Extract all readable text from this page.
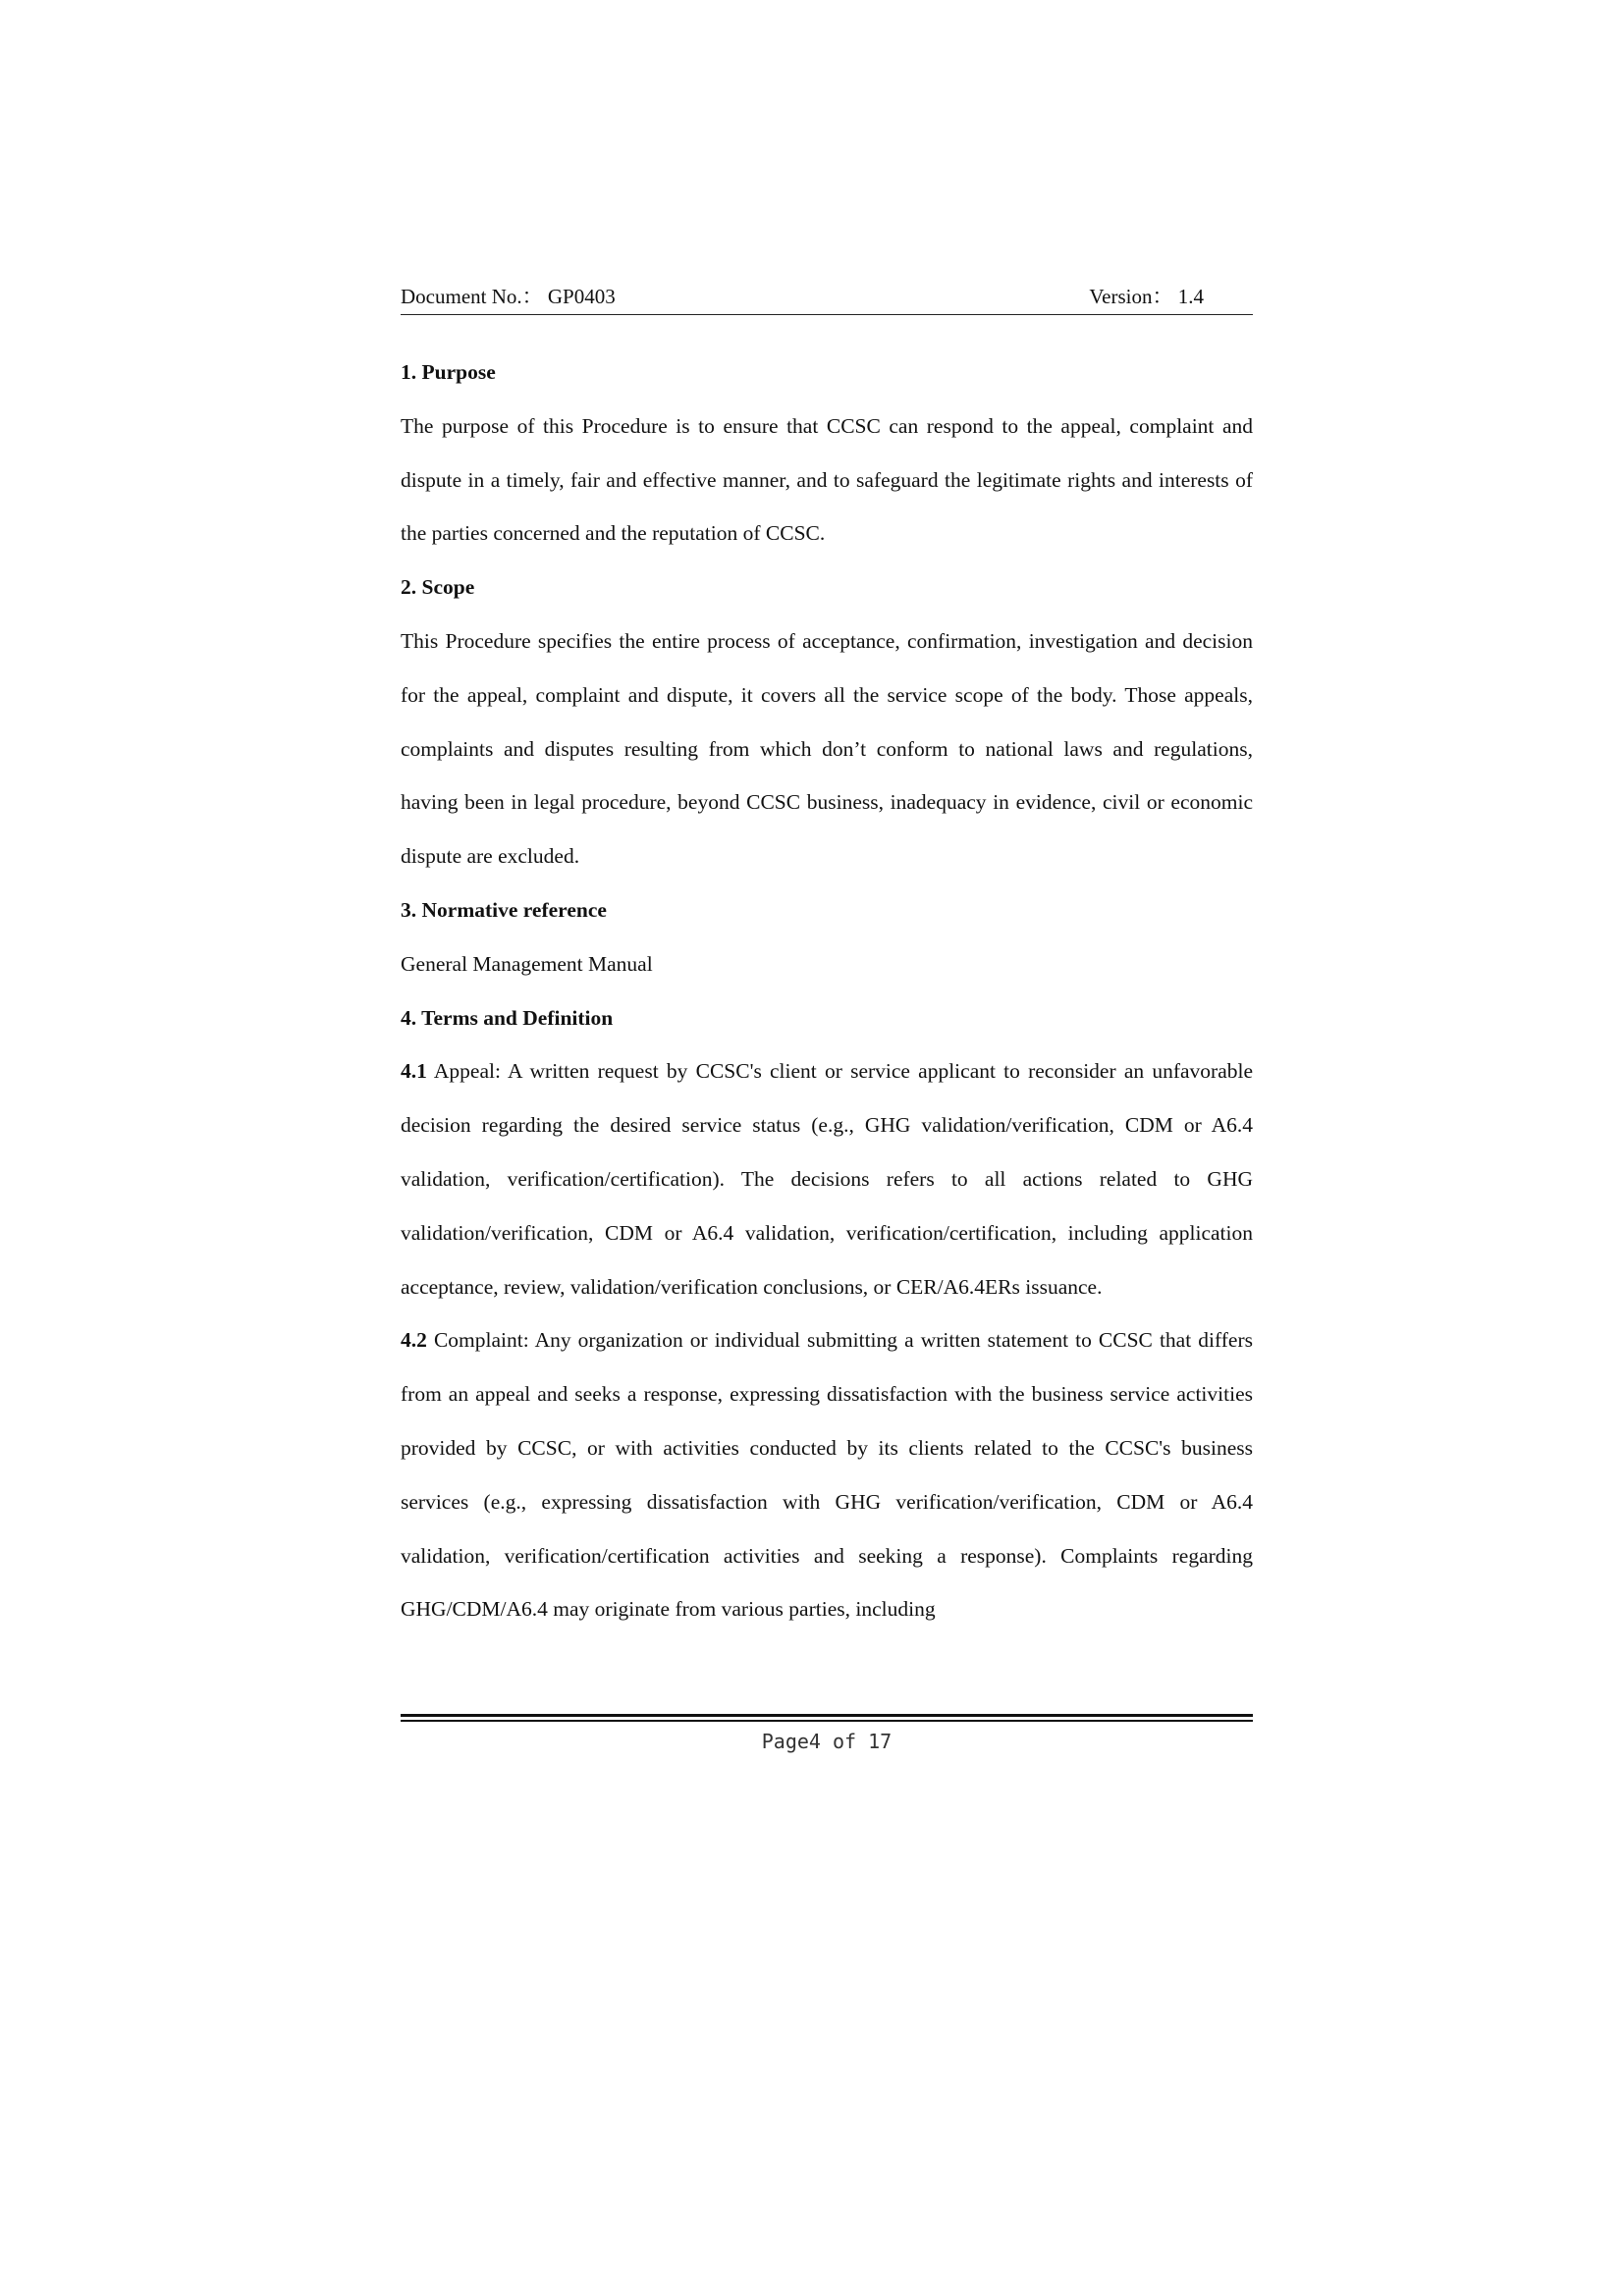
Document No.： GP0403	Version： 1.4

1. Purpose

The purpose of this Procedure is to ensure that CCSC can respond to the appeal, complaint and dispute in a timely, fair and effective manner, and to safeguard the legitimate rights and interests of the parties concerned and the reputation of CCSC.

2. Scope

This Procedure specifies the entire process of acceptance, confirmation, investigation and decision for the appeal, complaint and dispute, it covers all the service scope of the body. Those appeals, complaints and disputes resulting from which don’t conform to national laws and regulations, having been in legal procedure, beyond CCSC business, inadequacy in evidence, civil or economic dispute are excluded.

3. Normative reference

General Management Manual

4. Terms and Definition

4.1 Appeal: A written request by CCSC's client or service applicant to reconsider an unfavorable decision regarding the desired service status (e.g., GHG validation/verification, CDM or A6.4 validation, verification/certification). The decisions refers to all actions related to GHG validation/verification, CDM or A6.4 validation, verification/certification, including application acceptance, review, validation/verification conclusions, or CER/A6.4ERs issuance.

4.2 Complaint: Any organization or individual submitting a written statement to CCSC that differs from an appeal and seeks a response, expressing dissatisfaction with the business service activities provided by CCSC, or with activities conducted by its clients related to the CCSC's business services (e.g., expressing dissatisfaction with GHG verification/verification, CDM or A6.4 validation, verification/certification activities and seeking a response). Complaints regarding GHG/CDM/A6.4 may originate from various parties, including

Page4 of 17
